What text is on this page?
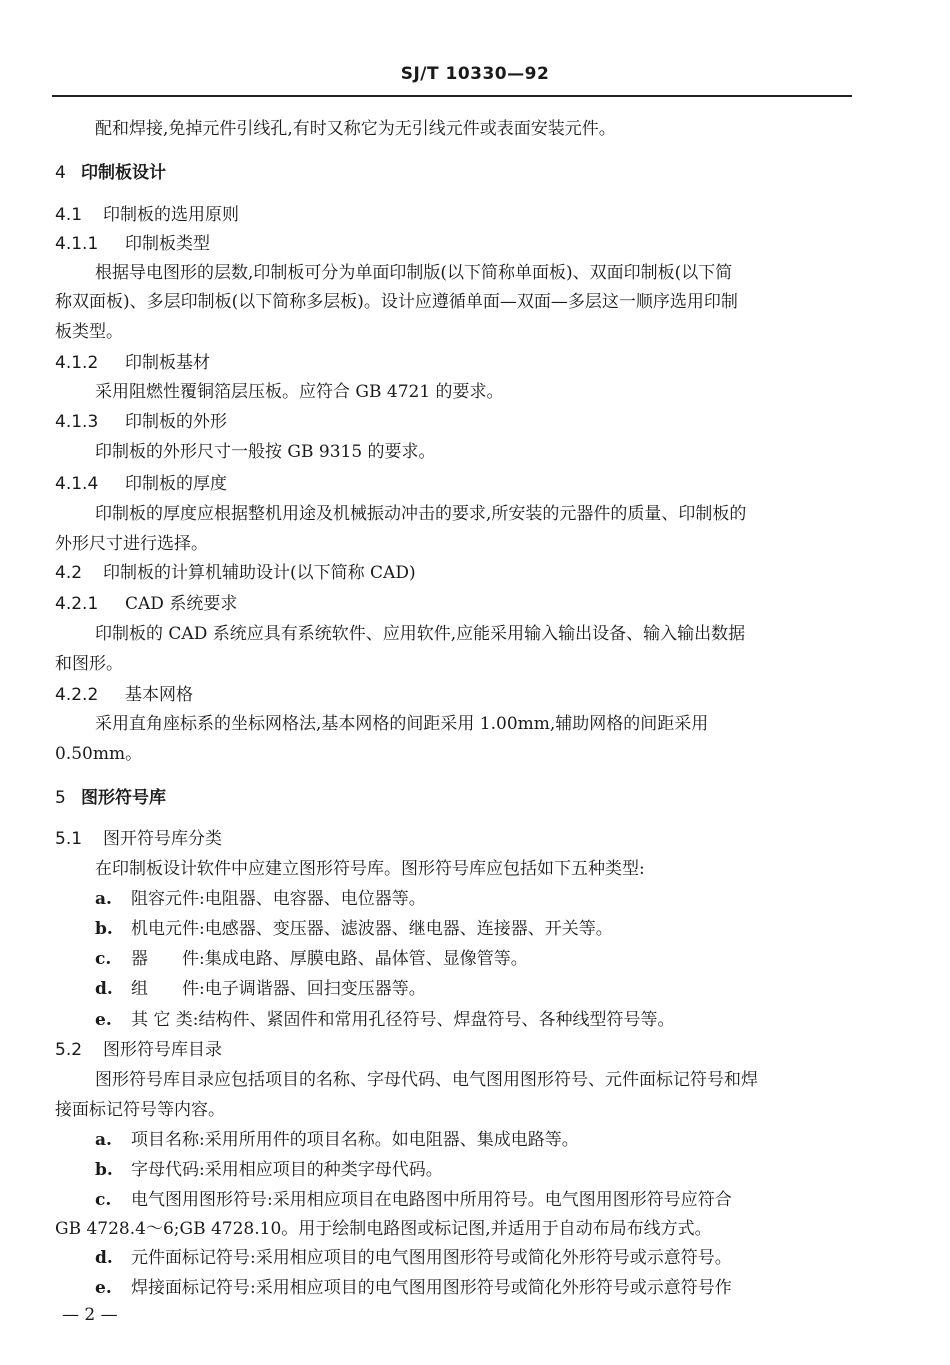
SJ/T 10330—92
配和焊接,免掉元件引线孔,有时又称它为无引线元件或表面安装元件。
4 印制板设计
4.1 印制板的选用原则
4.1.1 印制板类型
根据导电图形的层数,印制板可分为单面印制版(以下简称单面板)、双面印制板(以下简
称双面板)、多层印制板(以下简称多层板)。设计应遵循单面—双面—多层这一顺序选用印制
板类型。
4.1.2 印制板基材
采用阻燃性覆铜箔层压板。应符合 GB 4721 的要求。
4.1.3 印制板的外形
印制板的外形尺寸一般按 GB 9315 的要求。
4.1.4 印制板的厚度
印制板的厚度应根据整机用途及机械振动冲击的要求,所安装的元器件的质量、印制板的
外形尺寸进行选择。
4.2 印制板的计算机辅助设计(以下简称 CAD)
4.2.1 CAD 系统要求
印制板的 CAD 系统应具有系统软件、应用软件,应能采用输入输出设备、输入输出数据
和图形。
4.2.2 基本网格
采用直角座标系的坐标网格法,基本网格的间距采用 1.00mm,辅助网格的间距采用
0.50mm。
5 图形符号库
5.1 图开符号库分类
在印制板设计软件中应建立图形符号库。图形符号库应包括如下五种类型:
a. 阻容元件:电阻器、电容器、电位器等。
b. 机电元件:电感器、变压器、滤波器、继电器、连接器、开关等。
c. 器　　件:集成电路、厚膜电路、晶体管、显像管等。
d. 组　　件:电子调谐器、回扫变压器等。
e. 其 它 类:结构件、紧固件和常用孔径符号、焊盘符号、各种线型符号等。
5.2 图形符号库目录
图形符号库目录应包括项目的名称、字母代码、电气图用图形符号、元件面标记符号和焊
接面标记符号等内容。
a. 项目名称:采用所用件的项目名称。如电阻器、集成电路等。
b. 字母代码:采用相应项目的种类字母代码。
c. 电气图用图形符号:采用相应项目在电路图中所用符号。电气图用图形符号应符合
GB 4728.4～6;GB 4728.10。用于绘制电路图或标记图,并适用于自动布局布线方式。
d. 元件面标记符号:采用相应项目的电气图用图形符号或简化外形符号或示意符号。
e. 焊接面标记符号:采用相应项目的电气图用图形符号或简化外形符号或示意符号作
— 2 —
